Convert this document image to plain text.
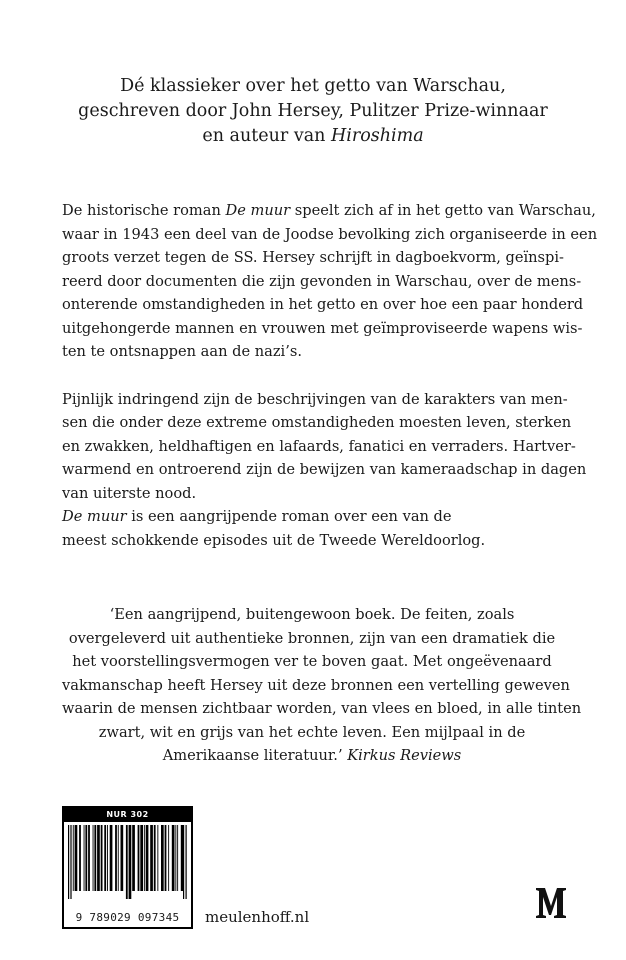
Dé klassieker over het getto van Warschau,
geschreven door John Hersey, Pulitzer Prize-winnaar
en auteur van Hiroshima

De historische roman De muur speelt zich af in het getto van Warschau,
waar in 1943 een deel van de Joodse bevolking zich organiseerde in een
groots verzet tegen de SS. Hersey schrijft in dagboekvorm, geïnspi-
reerd door documenten die zijn gevonden in Warschau, over de mens-
onterende omstandigheden in het getto en over hoe een paar honderd
uitgehongerde mannen en vrouwen met geïmproviseerde wapens wis-
ten te ontsnappen aan de nazi’s.

Pijnlijk indringend zijn de beschrijvingen van de karakters van men-
sen die onder deze extreme omstandigheden moesten leven, sterken
en zwakken, heldhaftigen en lafaards, fanatici en verraders. Hartver-
warmend en ontroerend zijn de bewijzen van kameraadschap in dagen
van uiterste nood.
De muur is een aangrijpende roman over een van de
meest schokkende episodes uit de Tweede Wereldoorlog.

‘Een aangrijpend, buitengewoon boek. De feiten, zoals
overgeleverd uit authentieke bronnen, zijn van een dramatiek die
het voorstellingsvermogen ver te boven gaat. Met ongeëvenaard
vakmanschap heeft Hersey uit deze bronnen een vertelling geweven
waarin de mensen zichtbaar worden, van vlees en bloed, in alle tinten
zwart, wit en grijs van het echte leven. Een mijlpaal in de
Amerikaanse literatuur.’ Kirkus Reviews
NUR 302
9 789029 097345	meulenhoff.nl
